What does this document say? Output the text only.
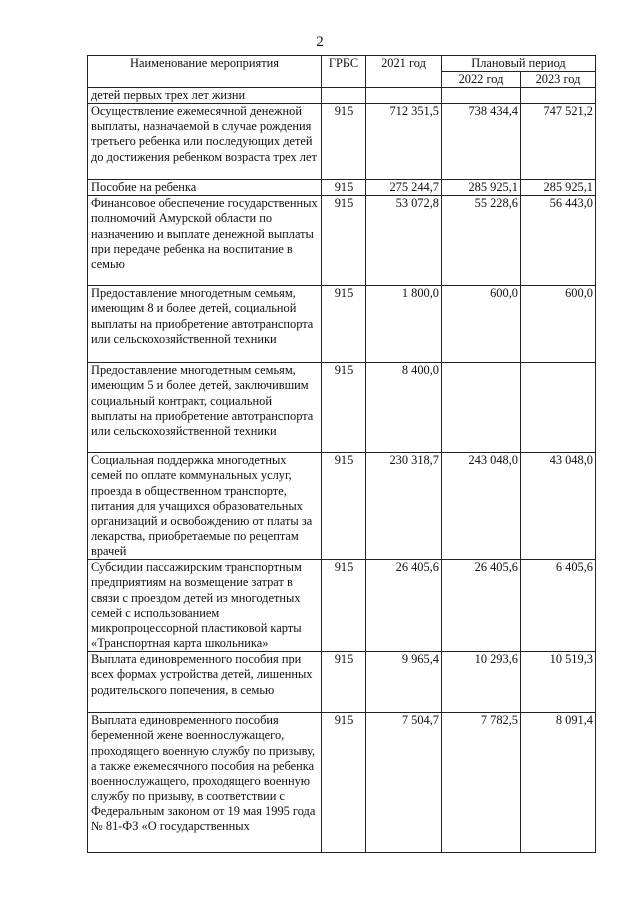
2
Наименование мероприятия	ГРБС	2021 год	Плановый период	
			2022 год	2023 год
детей первых трех лет жизни				
Осуществление ежемесячной денежной выплаты, назначаемой в случае рождения третьего ребенка или последующих детей до достижения ребенком возраста трех лет	915	712 351,5	738 434,4	747 521,2
Пособие на ребенка	915	275 244,7	285 925,1	285 925,1
Финансовое обеспечение государственных полномочий Амурской области по назначению и выплате денежной выплаты при передаче ребенка на воспитание в семью	915	53 072,8	55 228,6	56 443,0
Предоставление многодетным семьям, имеющим 8 и более детей, социальной выплаты на приобретение автотранспорта или сельскохозяйственной техники	915	1 800,0	600,0	600,0
Предоставление многодетным семьям, имеющим 5 и более детей, заключившим социальный контракт, социальной выплаты на приобретение автотранспорта или сельскохозяйственной техники	915	8 400,0		
Социальная поддержка многодетных семей по оплате коммунальных услуг, проезда в общественном транспорте, питания для учащихся образовательных организаций и освобождению от платы за лекарства, приобретаемые по рецептам врачей	915	230 318,7	243 048,0	43 048,0
Субсидии пассажирским транспортным предприятиям на возмещение затрат в связи с проездом детей из многодетных семей с использованием микропроцессорной пластиковой карты «Транспортная карта школьника»	915	26 405,6	26 405,6	6 405,6
Выплата единовременного пособия при всех формах устройства детей, лишенных родительского попечения, в семью	915	9 965,4	10 293,6	10 519,3
Выплата единовременного пособия беременной жене военнослужащего, проходящего военную службу по призыву, а также ежемесячного пособия на ребенка военнослужащего, проходящего военную службу по призыву, в соответствии с Федеральным законом от 19 мая 1995 года № 81-ФЗ «О государственных	915	7 504,7	7 782,5	8 091,4
